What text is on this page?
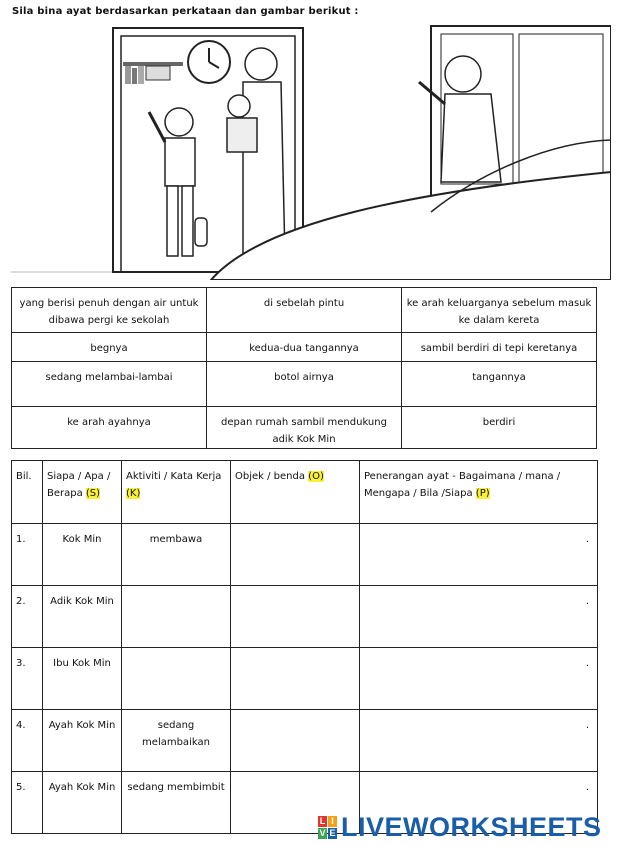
Sila bina ayat berdasarkan perkataan dan gambar berikut :
yang berisi penuh dengan air untuk dibawa pergi ke sekolah	di sebelah pintu	ke arah keluarganya sebelum masuk ke dalam kereta
begnya	kedua-dua tangannya	sambil berdiri di tepi keretanya
sedang melambai-lambai	botol airnya	tangannya
ke arah ayahnya	depan rumah sambil mendukung adik Kok Min	berdiri
Bil.	Siapa / Apa / Berapa (S)	Aktiviti / Kata Kerja (K)	Objek / benda (O)	Penerangan ayat - Bagaimana / mana / Mengapa / Bila /Siapa (P)
1.	Kok Min	membawa		.
2.	Adik Kok Min			.
3.	Ibu Kok Min			.
4.	Ayah Kok Min	sedang melambaikan		.
5.	Ayah Kok Min	sedang membimbit		.
L I
V E LIVEWORKSHEETS
